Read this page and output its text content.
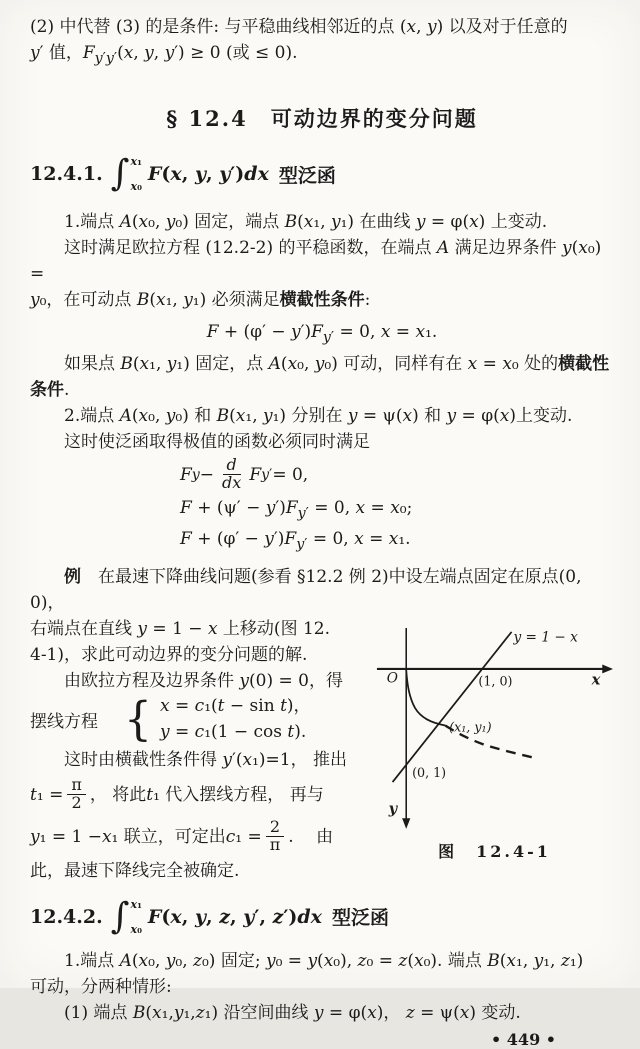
(2) 中代替 (3) 的是条件: 与平稳曲线相邻近的点 (x, y) 以及对于任意的
y′ 值，$F_{y'y'}(x$, y, y′) ≥ 0 (或 ≤ 0).
§ 12.4　可动边界的变分问题
12.4.1. ∫ x₁
x₀
F(x, y, y′)dx 型泛函
1.端点 A(x₀, y₀) 固定，端点 B(x₁, y₁) 在曲线 y = φ(x) 上变动.
这时满足欧拉方程 (12.2-2) 的平稳函数，在端点 A 满足边界条件 y(x₀) =
y₀，在可动点 B(x₁, y₁) 必须满足横截性条件:
$F + (\varphi' - y')F_{y'} = 0$, x = x₁.
如果点 B(x₁, y₁) 固定，点 A(x₀, y₀) 可动，同样有在 x = x₀ 处的横截性
条件.
2.端点 A(x₀, y₀) 和 B(x₁, y₁) 分别在 y = ψ(x) 和 y = φ(x)上变动.
这时使泛函取得极值的函数必须同时满足
F y − d
dx F y′ = 0,
$F + (\psi' - y')F_{y'} = 0$, x = x₀;
$F + (\varphi' - y')F_{y'} = 0$, x = x₁.
例　在最速下降曲线问题(参看 §12.2 例 2)中设左端点固定在原点(0, 0)，
右端点在直线 y = 1 − x 上移动(图 12.
4-1)，求此可动边界的变分问题的解.
由欧拉方程及边界条件 y(0) = 0，得
摆线方程 { x = c₁(t − sin t)，
y = c₁(1 − cos t).
这时由横截性条件得 y′(x₁)=1， 推出
t ₁ = π
2 ， 将此 t ₁ 代入摆线方程， 再与
y ₁ = 1 − x ₁ 联立，可定出 c ₁ = 2
π .　 由
此，最速下降线完全被确定.
O	x
y
y = 1 − x
(1, 0)
(0, 1)
(x₁, y₁)
图　12.4-1
12.4.2. ∫ x₁
x₀
F(x, y, z, y′, z′)dx 型泛函
1.端点 A(x₀, y₀, z₀) 固定; y₀ = y(x₀), z₀ = z(x₀). 端点 B(x₁, y₁, z₁)
可动，分两种情形:
(1) 端点 B(x₁,y₁,z₁) 沿空间曲线 y = φ(x)， z = ψ(x) 变动.
• 449 •
